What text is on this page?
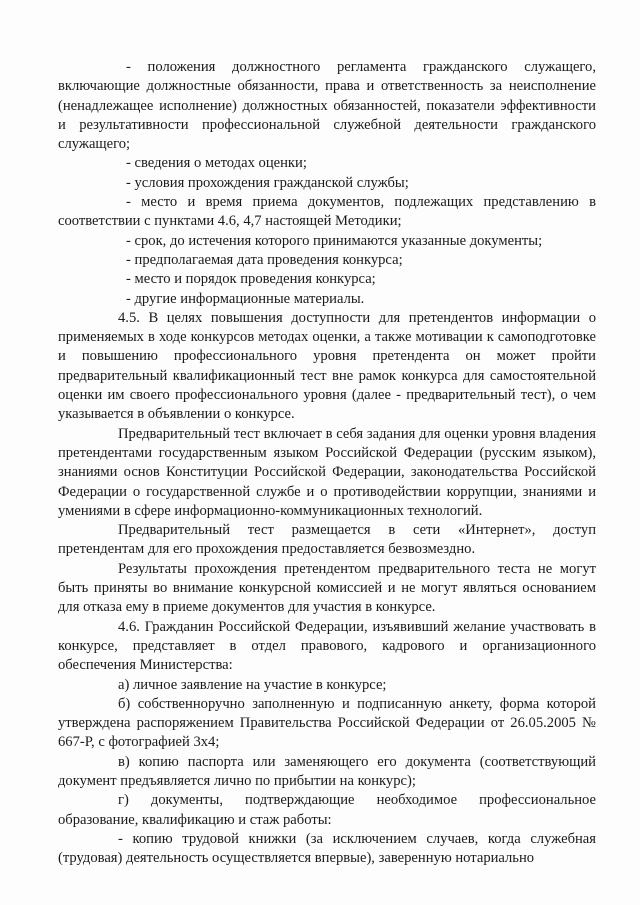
- положения должностного регламента гражданского служащего, включающие должностные обязанности, права и ответственность за неисполнение (ненадлежащее исполнение) должностных обязанностей, показатели эффективности и результативности профессиональной служебной деятельности гражданского служащего;

- сведения о методах оценки;

- условия прохождения гражданской службы;

- место и время приема документов, подлежащих представлению в соответствии с пунктами 4.6, 4,7 настоящей Методики;

- срок, до истечения которого принимаются указанные документы;

- предполагаемая дата проведения конкурса;

- место и порядок проведения конкурса;

- другие информационные материалы.

4.5. В целях повышения доступности для претендентов информации о применяемых в ходе конкурсов методах оценки, а также мотивации к самоподготовке и повышению профессионального уровня претендента он может пройти предварительный квалификационный тест вне рамок конкурса для самостоятельной оценки им своего профессионального уровня (далее - предварительный тест), о чем указывается в объявлении о конкурсе.

Предварительный тест включает в себя задания для оценки уровня владения претендентами государственным языком Российской Федерации (русским языком), знаниями основ Конституции Российской Федерации, законодательства Российской Федерации о государственной службе и о противодействии коррупции, знаниями и умениями в сфере информационно-коммуникационных технологий.

Предварительный тест размещается в сети «Интернет», доступ претендентам для его прохождения предоставляется безвозмездно.

Результаты прохождения претендентом предварительного теста не могут быть приняты во внимание конкурсной комиссией и не могут являться основанием для отказа ему в приеме документов для участия в конкурсе.

4.6. Гражданин Российской Федерации, изъявивший желание участвовать в конкурсе, представляет в отдел правового, кадрового и организационного обеспечения Министерства:

а) личное заявление на участие в конкурсе;

б) собственноручно заполненную и подписанную анкету, форма которой утверждена распоряжением Правительства Российской Федерации от 26.05.2005 № 667-Р, с фотографией 3х4;

в) копию паспорта или заменяющего его документа (соответствующий документ предъявляется лично по прибытии на конкурс);

г) документы, подтверждающие необходимое профессиональное образование, квалификацию и стаж работы:

- копию трудовой книжки (за исключением случаев, когда служебная (трудовая) деятельность осуществляется впервые), заверенную нотариально
